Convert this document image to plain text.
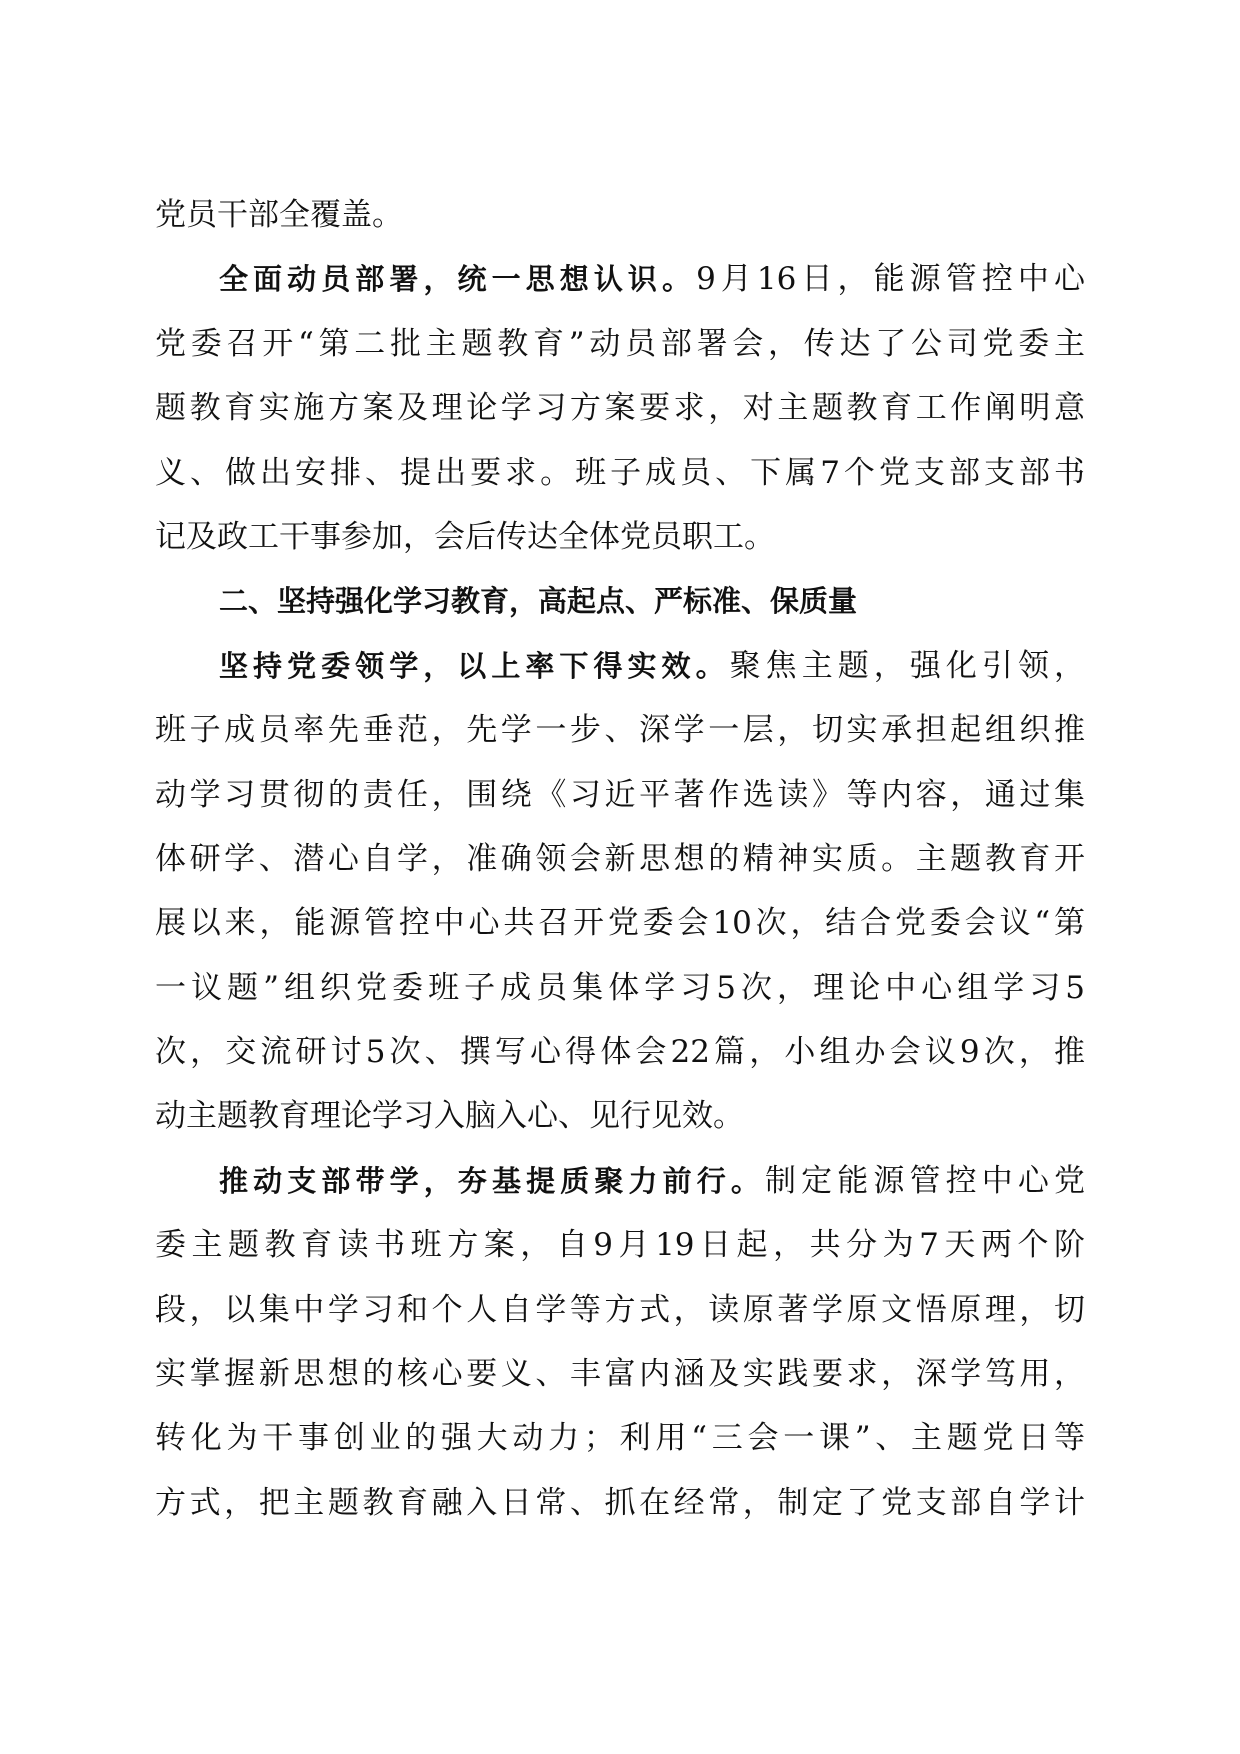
党员干部全覆盖。
全面动员部署，统一思想认识。9月16日，能源管控中心
党委召开“第二批主题教育”动员部署会，传达了公司党委主
题教育实施方案及理论学习方案要求，对主题教育工作阐明意
义、做出安排、提出要求。班子成员、下属7个党支部支部书
记及政工干事参加，会后传达全体党员职工。
二、坚持强化学习教育，高起点、严标准、保质量
坚持党委领学，以上率下得实效。聚焦主题，强化引领，
班子成员率先垂范，先学一步、深学一层，切实承担起组织推
动学习贯彻的责任，围绕《习近平著作选读》等内容，通过集
体研学、潜心自学，准确领会新思想的精神实质。主题教育开
展以来，能源管控中心共召开党委会10次，结合党委会议“第
一议题”组织党委班子成员集体学习5次，理论中心组学习5
次，交流研讨5次、撰写心得体会22篇，小组办会议9次，推
动主题教育理论学习入脑入心、见行见效。
推动支部带学，夯基提质聚力前行。制定能源管控中心党
委主题教育读书班方案，自9月19日起，共分为7天两个阶
段，以集中学习和个人自学等方式，读原著学原文悟原理，切
实掌握新思想的核心要义、丰富内涵及实践要求，深学笃用，
转化为干事创业的强大动力；利用“三会一课”、主题党日等
方式，把主题教育融入日常、抓在经常，制定了党支部自学计
